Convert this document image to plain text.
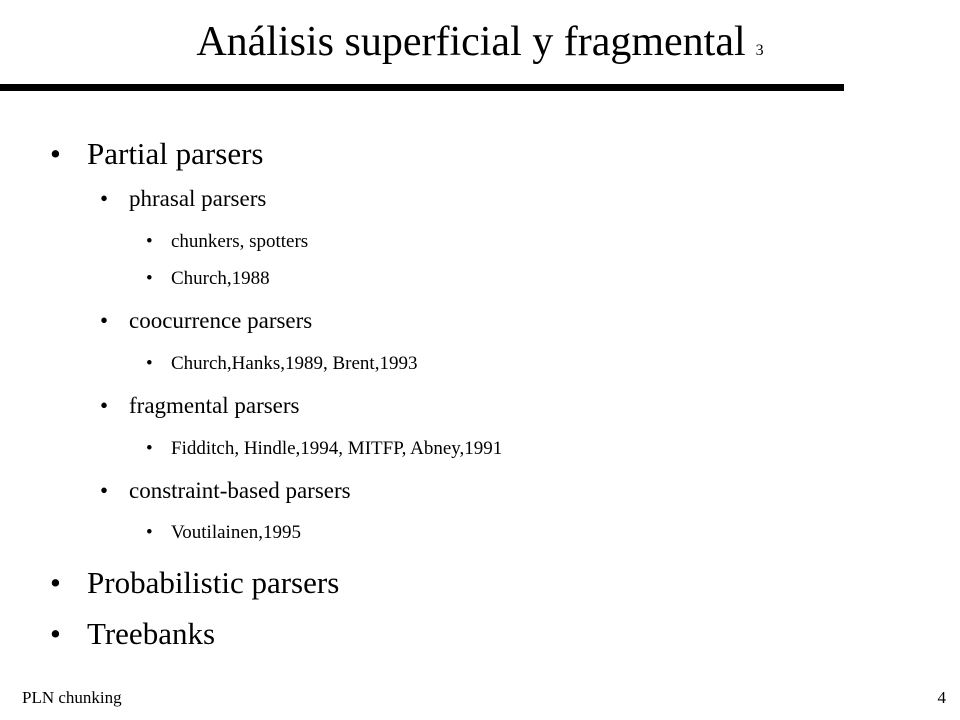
Análisis superficial y fragmental 3
• Partial parsers
• phrasal parsers
• chunkers, spotters
• Church,1988
• coocurrence parsers
• Church,Hanks,1989, Brent,1993
• fragmental parsers
• Fidditch, Hindle,1994, MITFP, Abney,1991
• constraint-based parsers
• Voutilainen,1995
• Probabilistic parsers
• Treebanks
PLN chunking	4
